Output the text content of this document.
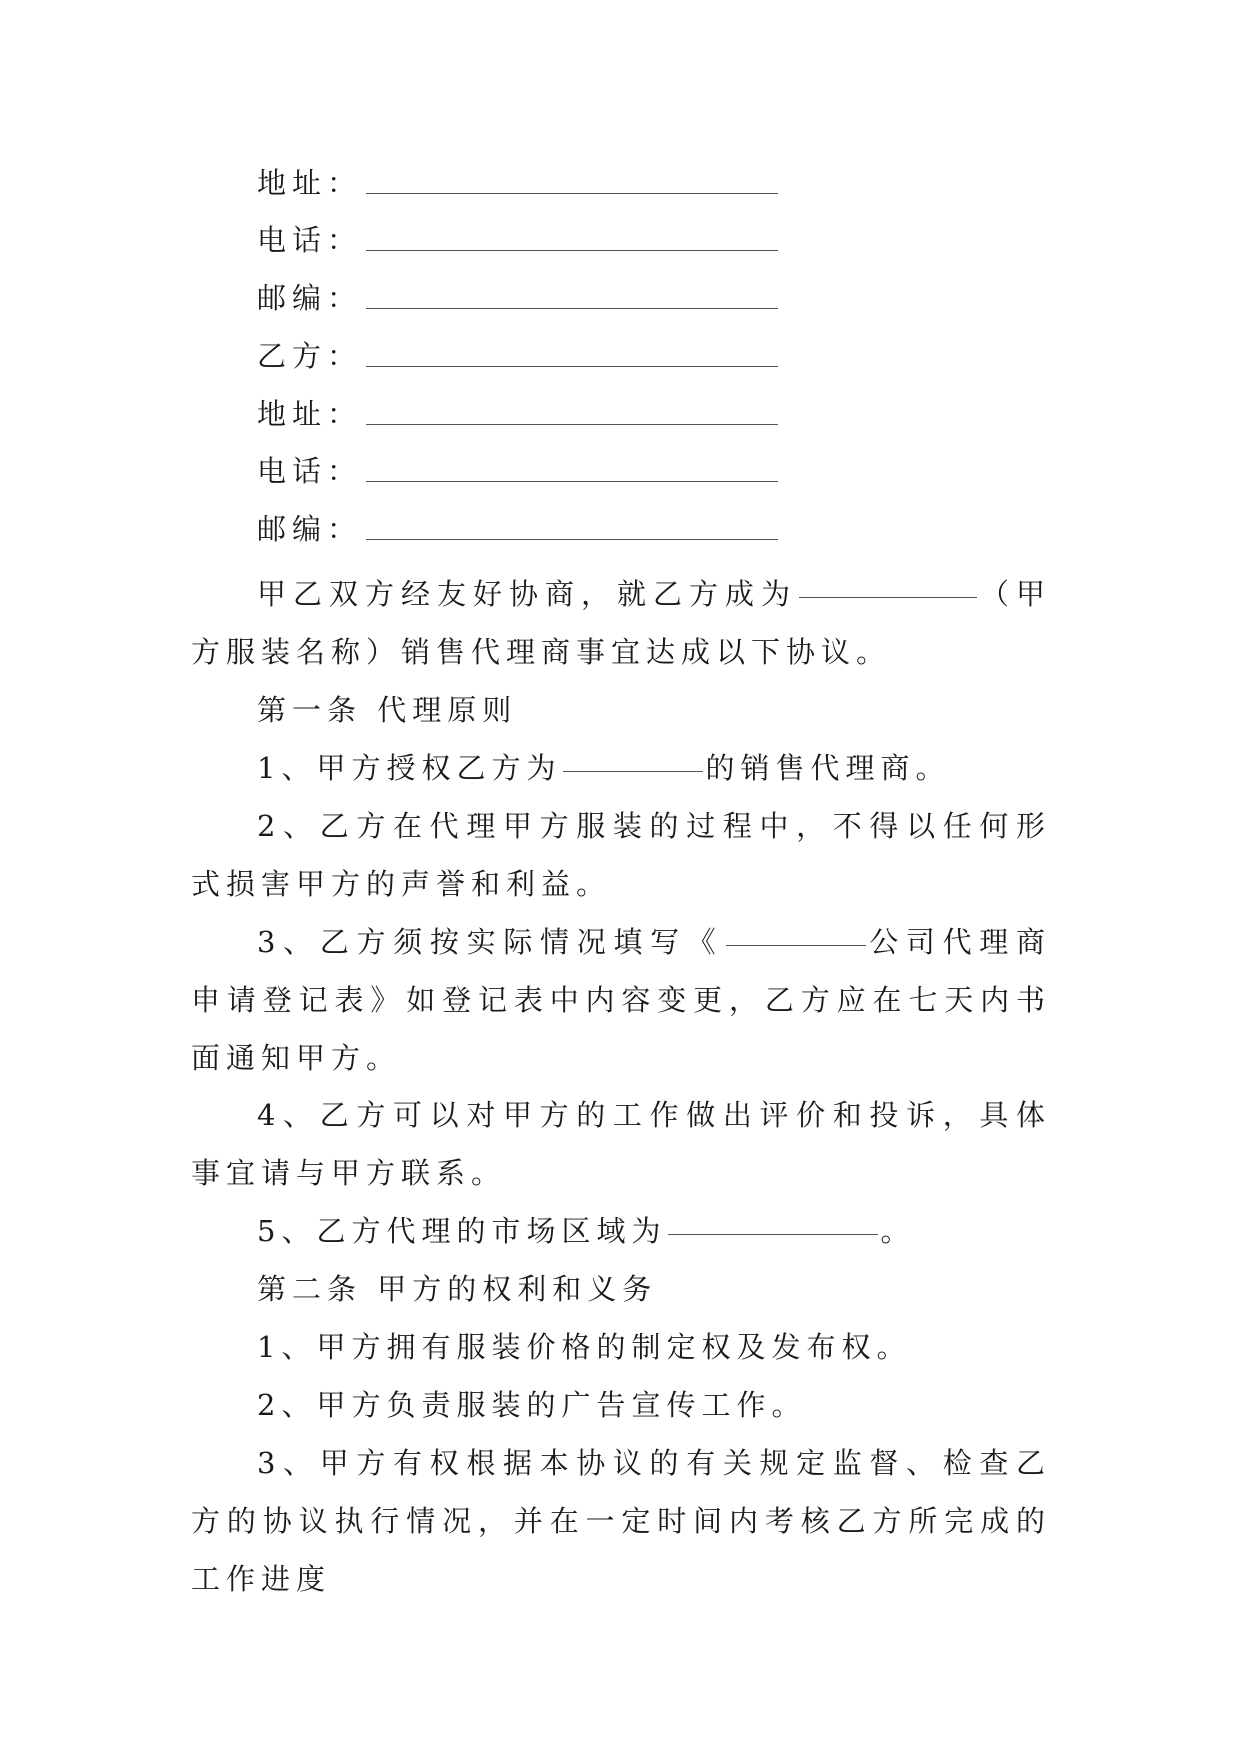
地址：
电话：
邮编：
乙方：
地址：
电话：
邮编：
甲乙双方经友好协商，就乙方成为	（甲方服装名称）销售代理商事宜达成以下协议。
第一条 代理原则
1、甲方授权乙方为	的销售代理商。
2、乙方在代理甲方服装的过程中，不得以任何形式损害甲方的声誉和利益。
3、乙方须按实际情况填写《	公司代理商申请登记表》如登记表中内容变更，乙方应在七天内书面通知甲方。
4、乙方可以对甲方的工作做出评价和投诉，具体事宜请与甲方联系。
5、乙方代理的市场区域为	。
第二条 甲方的权利和义务
1、甲方拥有服装价格的制定权及发布权。
2、甲方负责服装的广告宣传工作。
3、甲方有权根据本协议的有关规定监督、检查乙方的协议执行情况，并在一定时间内考核乙方所完成的工作进度
